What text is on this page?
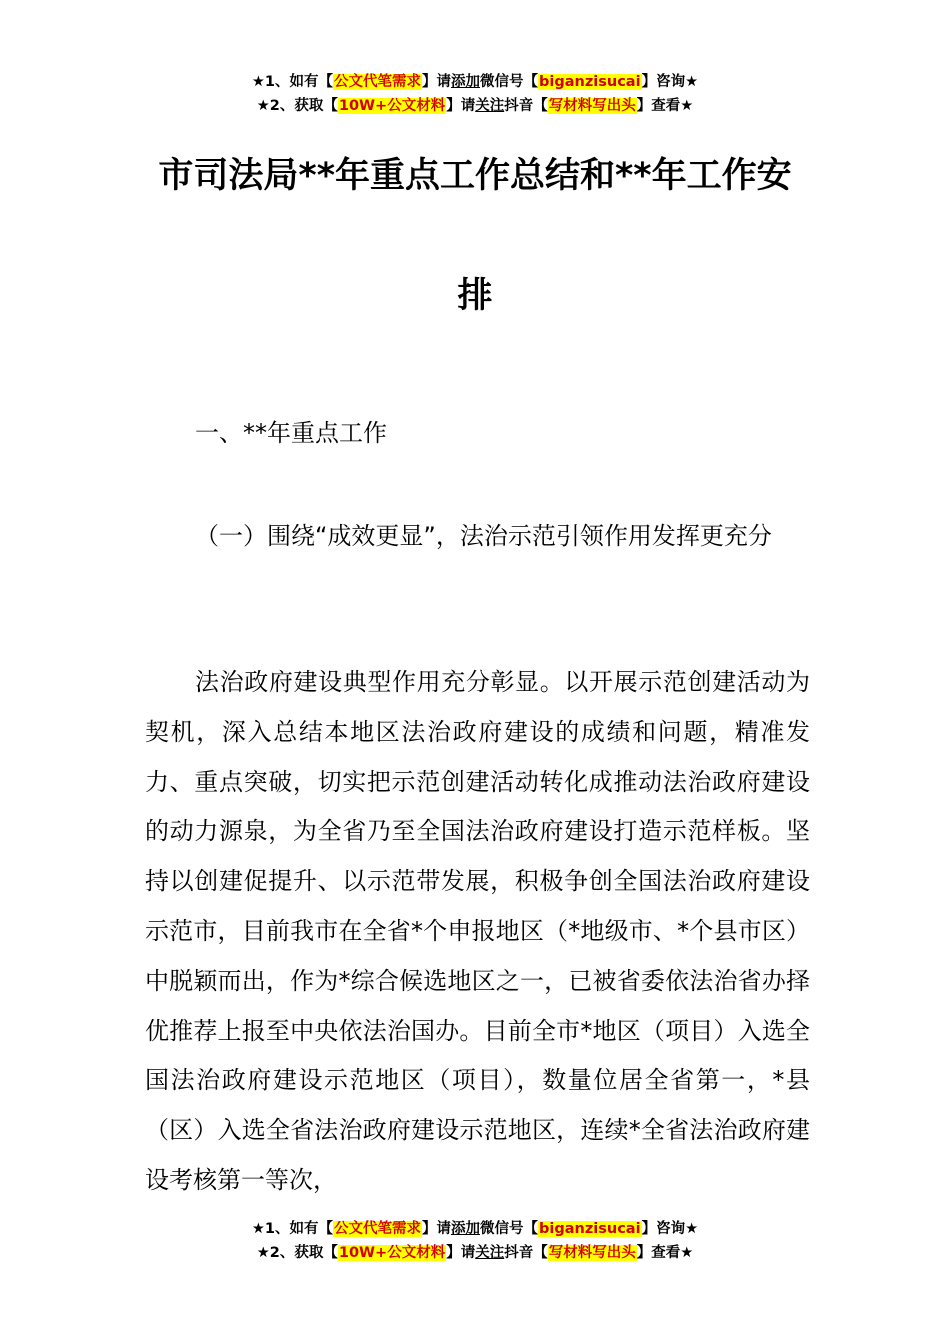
★1、如有【公文代笔需求】请添加微信号【biganzisucai】咨询★
★2、获取【10W+公文材料】请关注抖音【写材料写出头】查看★
市司法局**年重点工作总结和**年工作安
排
一、**年重点工作
（一）围绕“成效更显”，法治示范引领作用发挥更充分
法治政府建设典型作用充分彰显。以开展示范创建活动为契机，深入总结本地区法治政府建设的成绩和问题，精准发力、重点突破，切实把示范创建活动转化成推动法治政府建设的动力源泉，为全省乃至全国法治政府建设打造示范样板。坚持以创建促提升、以示范带发展，积极争创全国法治政府建设示范市，目前我市在全省*个申报地区（*地级市、*个县市区）中脱颖而出，作为*综合候选地区之一，已被省委依法治省办择优推荐上报至中央依法治国办。目前全市*地区（项目）入选全国法治政府建设示范地区（项目），数量位居全省第一，*县（区）入选全省法治政府建设示范地区，连续*全省法治政府建设考核第一等次，
★1、如有【公文代笔需求】请添加微信号【biganzisucai】咨询★
★2、获取【10W+公文材料】请关注抖音【写材料写出头】查看★
